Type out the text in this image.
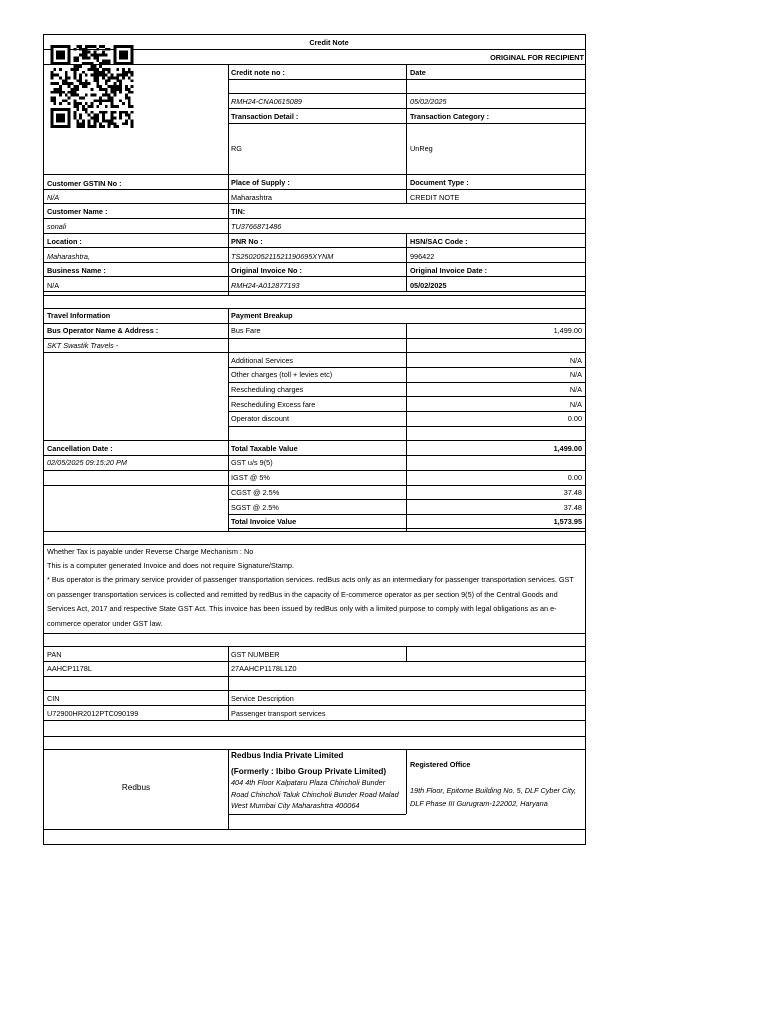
Credit Note
ORIGINAL FOR RECIPIENT
Credit note no :	Date
RMH24-CNA0615089	05/02/2025
Transaction Detail :	Transaction Category :
RG	UnReg
Customer GSTIN No :	Place of Supply :	Document Type :
N/A	Maharashtra	CREDIT NOTE
Customer Name :	TIN:
sonali	TU3766871486
Location :	PNR No :	HSN/SAC Code :
Maharashtra,	TS250205211521190695XYNM	996422
Business Name :	Original Invoice No :	Original Invoice Date :
N/A	RMH24-A012877193	05/02/2025
Travel Information	Payment Breakup
Bus Operator Name & Address :
SKT Swastik Travels -
Bus Fare	1,499.00
Additional Services	N/A
Other charges (toll + levies etc)	N/A
Rescheduling charges	N/A
Rescheduling Excess fare	N/A
Operator discount	0.00
Cancellation Date :
02/05/2025 09:15:20 PM
Total Taxable Value	1,499.00
GST u/s 9(5)
IGST @ 5%	0.00
CGST @ 2.5%	37.48
SGST @ 2.5%	37.48
Total Invoice Value	1,573.95
Whether Tax is payable under Reverse Charge Mechanism : No
This is a computer generated Invoice and does not require Signature/Stamp.
* Bus operator is the primary service provider of passenger transportation services. redBus acts only as an intermediary for passenger transportation services. GST on passenger transportation services is collected and remitted by redBus in the capacity of E-commerce operator as per section 9(5) of the Central Goods and Services Act, 2017 and respective State GST Act. This invoice has been issued by redBus only with a limited purpose to comply with legal obligations as an e-commerce operator under GST law.
PAN	GST NUMBER
AAHCP1178L	27AAHCP1178L1Z0
CIN	Service Description
U72900HR2012PTC090199	Passenger transport services
Redbus
Redbus India Private Limited
(Formerly : Ibibo Group Private Limited)
404 4th Floor Kalpataru Plaza Chincholi Bunder Road Chincholi Taluk Chincholi Bunder Road Malad West Mumbai City Maharashtra 400064
Registered Office
19th Floor, Epitome Building No. 5, DLF Cyber City, DLF Phase III Gurugram-122002, Haryana
